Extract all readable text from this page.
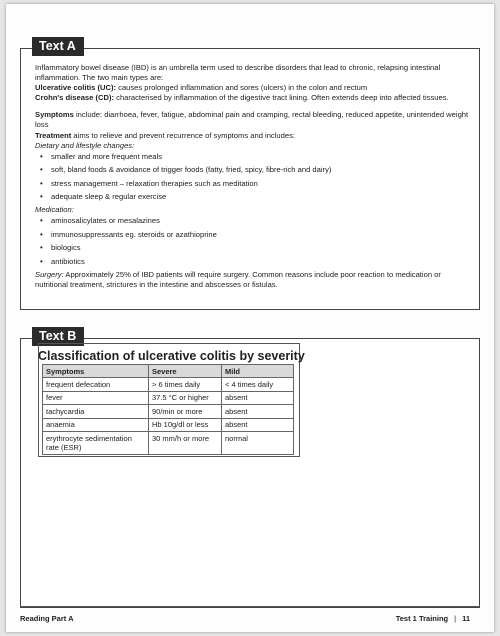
Inflammatory bowel disease (IBD) is an umbrella term used to describe disorders that lead to chronic, relapsing intestinal inflammation. The two main types are:

Ulcerative colitis (UC): causes prolonged inflammation and sores (ulcers) in the colon and rectum

Crohn's disease (CD): characterised by inflammation of the digestive tract lining. Often extends deep into affected tissues.

Symptoms include: diarrhoea, fever, fatigue, abdominal pain and cramping, rectal bleeding, reduced appetite, unintended weight loss

Treatment aims to relieve and prevent recurrence of symptoms and includes:

Dietary and lifestyle changes:

• smaller and more frequent meals
• soft, bland foods & avoidance of trigger foods (fatty, fried, spicy, fibre-rich and dairy)
• stress management – relaxation therapies such as meditation
• adequate sleep & regular exercise

Medication:

• aminosalicylates or mesalazines
• immunosuppressants eg. steroids or azathioprine
• biologics
• antibiotics

Surgery: Approximately 25% of IBD patients will require surgery. Common reasons include poor reaction to medication or nutritional treatment, strictures in the intestine and abscesses or fistulas.

Text A
Text B
Classification of ulcerative colitis by severity
Symptoms	Severe	Mild
frequent defecation	> 6 times daily	< 4 times daily
fever	37.5 °C or higher	absent
tachycardia	90/min or more	absent
anaemia	Hb 10g/dl or less	absent
erythrocyte sedimentation rate (ESR)	30 mm/h or more	normal
Reading Part A	Test 1 Training | 11
